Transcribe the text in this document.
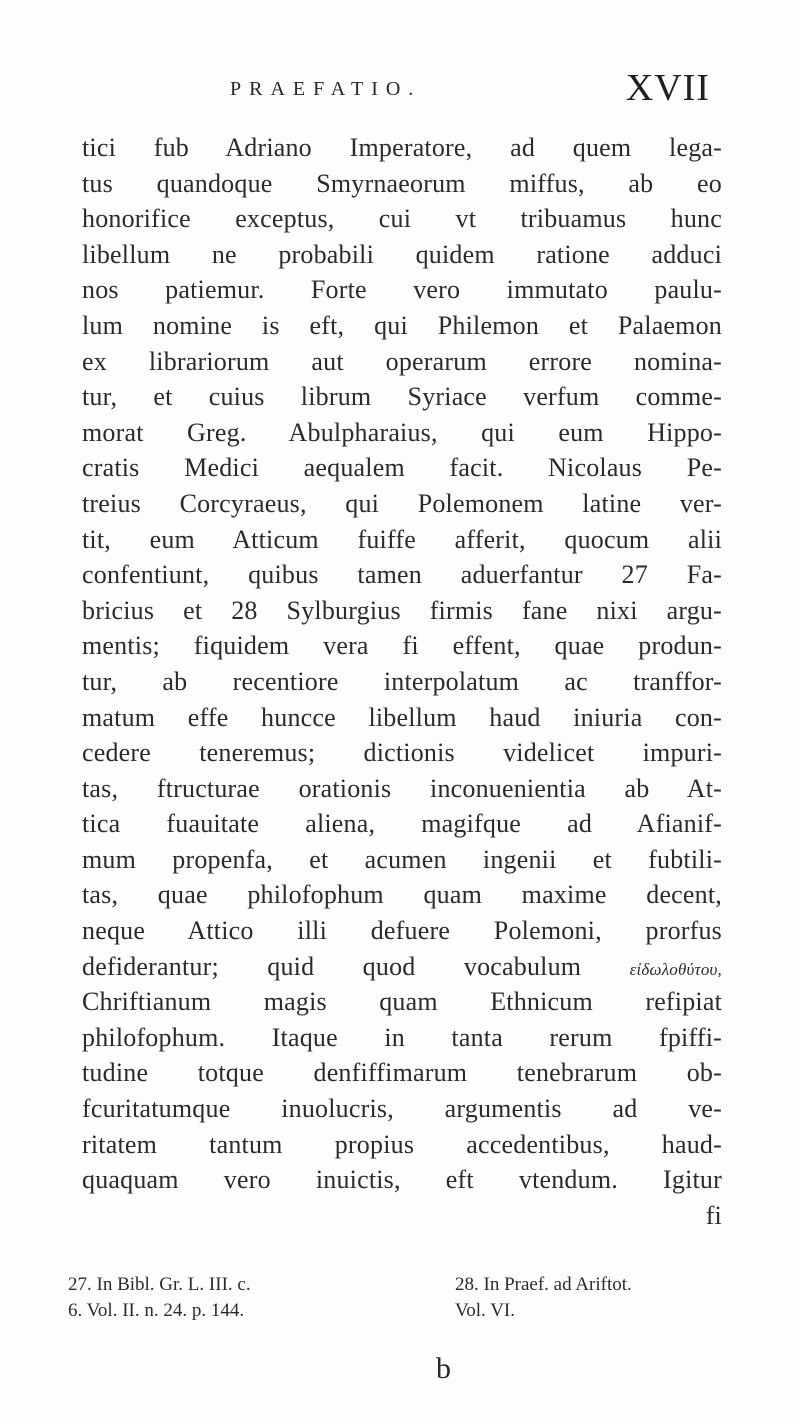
PRAEFATIO.	XVII
tici fub Adriano Imperatore, ad quem lega-
tus quandoque Smyrnaeorum miffus, ab eo
honorifice exceptus, cui vt tribuamus hunc
libellum ne probabili quidem ratione adduci
nos patiemur. Forte vero immutato paulu-
lum nomine is eft, qui Philemon et Palaemon
ex librariorum aut operarum errore nomina-
tur, et cuius librum Syriace verfum comme-
morat Greg. Abulpharaius, qui eum Hippo-
cratis Medici aequalem facit. Nicolaus Pe-
treius Corcyraeus, qui Polemonem latine ver-
tit, eum Atticum fuiffe afferit, quocum alii
confentiunt, quibus tamen aduerfantur 27 Fa-
bricius et 28 Sylburgius firmis fane nixi argu-
mentis; fiquidem vera fi effent, quae produn-
tur, ab recentiore interpolatum ac tranffor-
matum effe huncce libellum haud iniuria con-
cedere teneremus; dictionis videlicet impuri-
tas, ftructurae orationis inconuenientia ab At-
tica fuauitate aliena, magifque ad Afianif-
mum propenfa, et acumen ingenii et fubtili-
tas, quae philofophum quam maxime decent,
neque Attico illi defuere Polemoni, prorfus
defiderantur; quid quod vocabulum	εἰδωλοθύτου,
Chriftianum magis quam Ethnicum refipiat
philofophum. Itaque in tanta rerum fpiffi-
tudine totque denfiffimarum tenebrarum ob-
fcuritatumque inuolucris, argumentis ad ve-
ritatem tantum propius accedentibus, haud-
quaquam vero inuictis, eft vtendum. Igitur
fi
27. In Bibl. Gr. L. III. c.
6. Vol. II. n. 24. p. 144.
28. In Praef. ad Ariftot.
Vol. VI.
b
